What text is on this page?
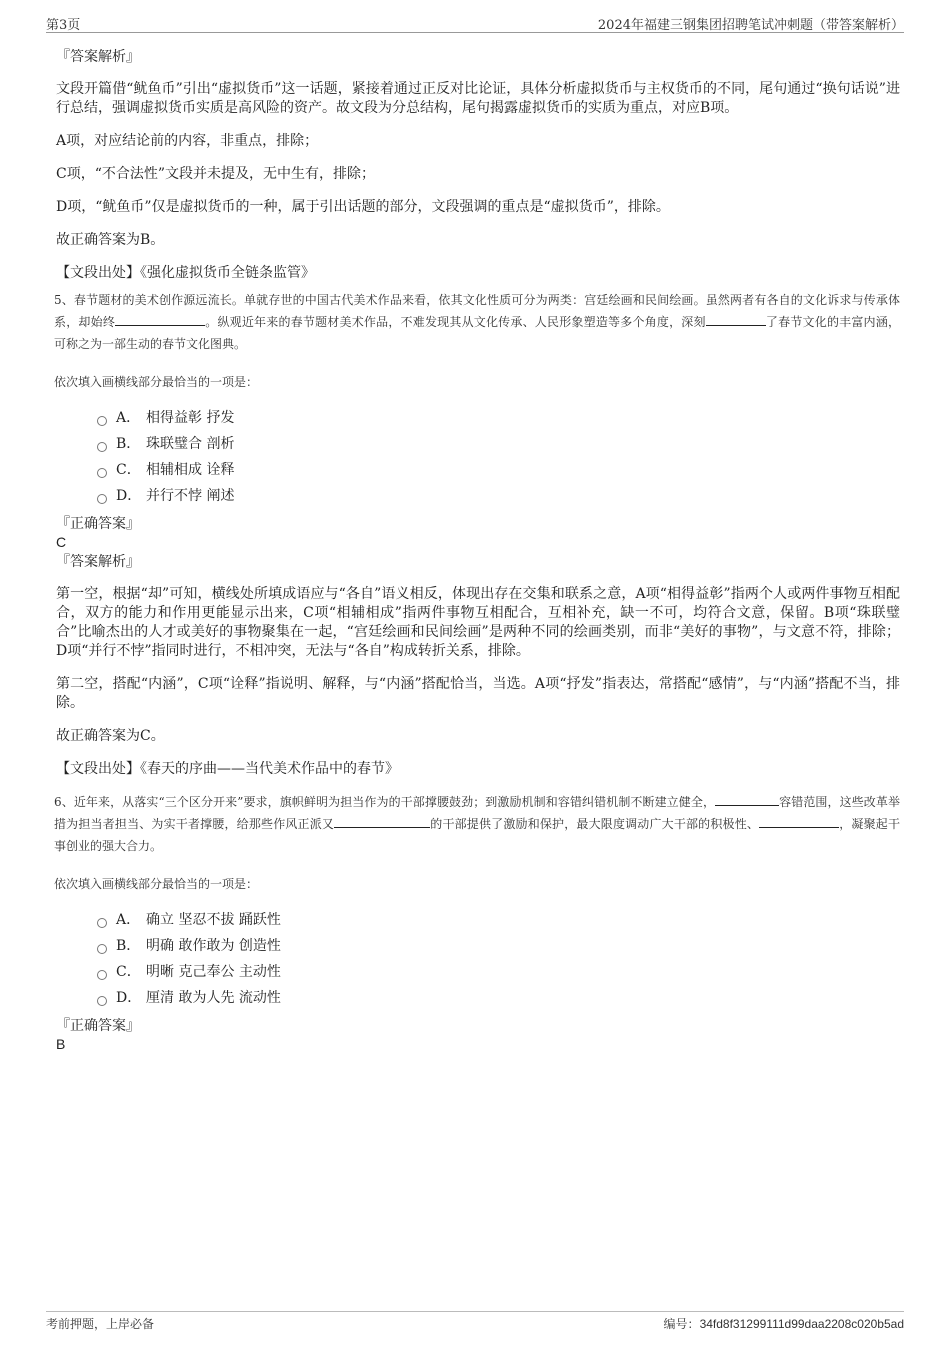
第3页	2024年福建三钢集团招聘笔试冲刺题（带答案解析）

『答案解析』

文段开篇借“鱿鱼币”引出“虚拟货币”这一话题，紧接着通过正反对比论证，具体分析虚拟货币与主权货币的不同，尾句通过“换句话说”进行总结，强调虚拟货币实质是高风险的资产。故文段为分总结构，尾句揭露虚拟货币的实质为重点，对应B项。

A项，对应结论前的内容，非重点，排除；

C项，“不合法性”文段并未提及，无中生有，排除；

D项，“鱿鱼币”仅是虚拟货币的一种，属于引出话题的部分，文段强调的重点是“虚拟货币”，排除。

故正确答案为B。

【文段出处】《强化虚拟货币全链条监管》

5、春节题材的美术创作源远流长。单就存世的中国古代美术作品来看，依其文化性质可分为两类：宫廷绘画和民间绘画。虽然两者有各自的文化诉求与传承体系，却始终	。纵观近年来的春节题材美术作品，不难发现其从文化传承、人民形象塑造等多个角度，深刻	了春节文化的丰富内涵，可称之为一部生动的春节文化图典。

依次填入画横线部分最恰当的一项是：

A． 相得益彰 抒发
B． 珠联璧合 剖析
C． 相辅相成 诠释
D． 并行不悖 阐述

『正确答案』

C

『答案解析』

第一空，根据“却”可知，横线处所填成语应与“各自”语义相反，体现出存在交集和联系之意，A项“相得益彰”指两个人或两件事物互相配合，双方的能力和作用更能显示出来，C项“相辅相成”指两件事物互相配合，互相补充，缺一不可，均符合文意，保留。B项“珠联璧合”比喻杰出的人才或美好的事物聚集在一起，“宫廷绘画和民间绘画”是两种不同的绘画类别，而非“美好的事物”，与文意不符，排除；D项“并行不悖”指同时进行，不相冲突，无法与“各自”构成转折关系，排除。

第二空，搭配“内涵”，C项“诠释”指说明、解释，与“内涵”搭配恰当，当选。A项“抒发”指表达，常搭配“感情”，与“内涵”搭配不当，排除。

故正确答案为C。

【文段出处】《春天的序曲——当代美术作品中的春节》

6、近年来，从落实“三个区分开来”要求，旗帜鲜明为担当作为的干部撑腰鼓劲；到激励机制和容错纠错机制不断建立健全，	容错范围，这些改革举措为担当者担当、为实干者撑腰，给那些作风正派又	的干部提供了激励和保护，最大限度调动广大干部的积极性、	，凝聚起干事创业的强大合力。

依次填入画横线部分最恰当的一项是：

A． 确立 坚忍不拔 踊跃性
B． 明确 敢作敢为 创造性
C． 明晰 克己奉公 主动性
D． 厘清 敢为人先 流动性

『正确答案』

B

考前押题，上岸必备	编号：34fd8f31299111d99daa2208c020b5ad
